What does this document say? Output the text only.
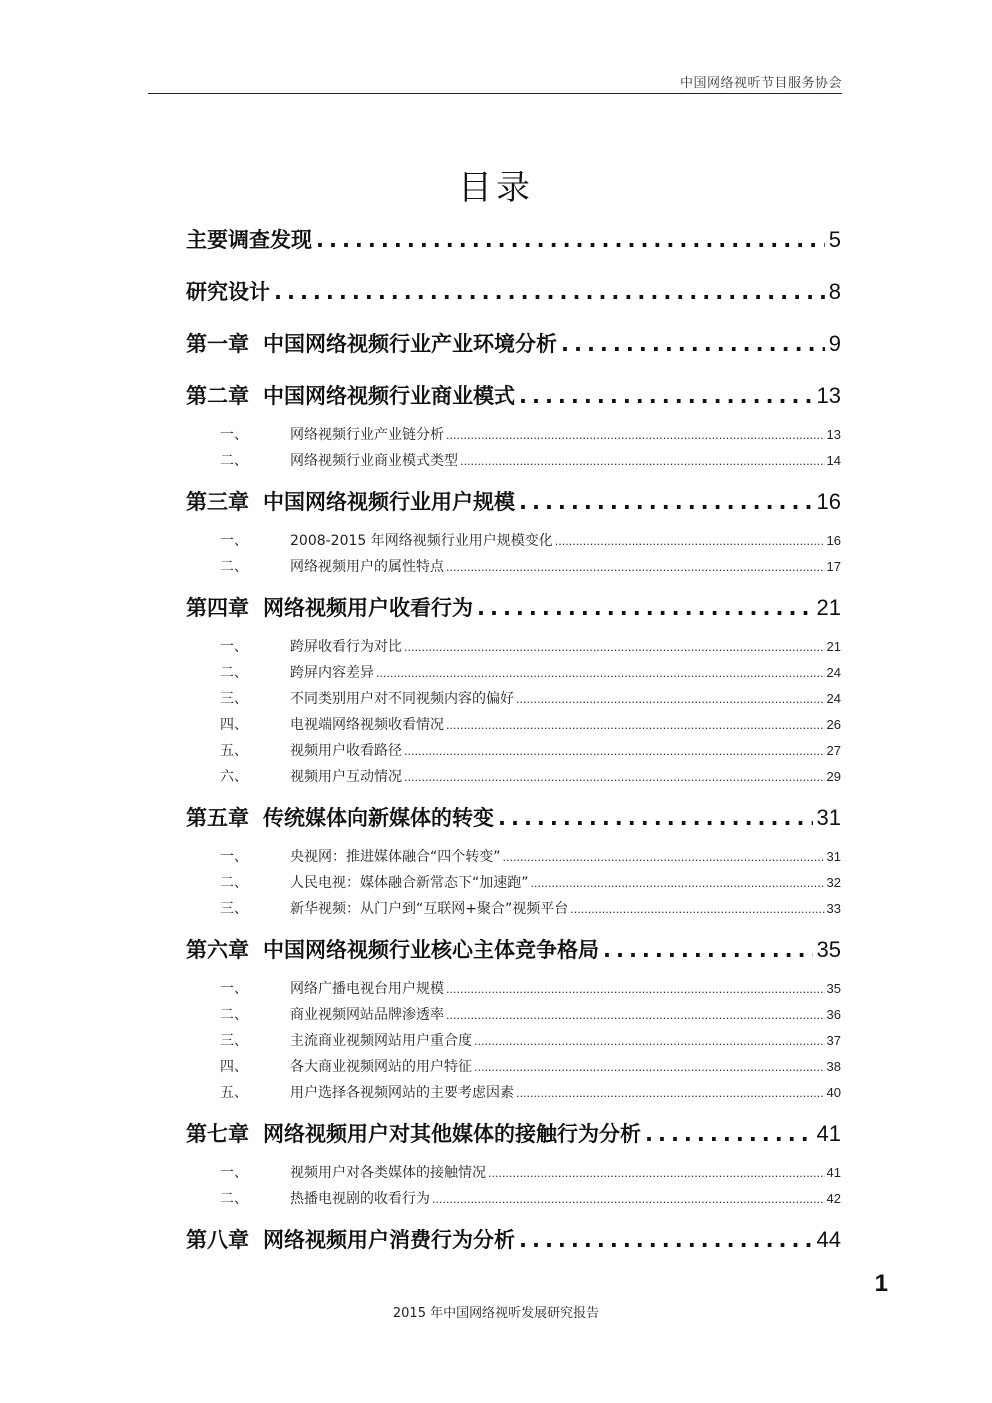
中国网络视听节目服务协会
目录
主要调查发现 .....	5
研究设计 .....	8
第一章 中国网络视频行业产业环境分析 .....	9
第二章 中国网络视频行业商业模式 .....	13
一、	网络视频行业产业链分析 .....	13
二、	网络视频行业商业模式类型 .....	14
第三章 中国网络视频行业用户规模 .....	16
一、	2008-2015 年网络视频行业用户规模变化 .....	16
二、	网络视频用户的属性特点 .....	17
第四章 网络视频用户收看行为 .....	21
一、	跨屏收看行为对比 .....	21
二、	跨屏内容差异 .....	24
三、	不同类别用户对不同视频内容的偏好 .....	24
四、	电视端网络视频收看情况 .....	26
五、	视频用户收看路径 .....	27
六、	视频用户互动情况 .....	29
第五章 传统媒体向新媒体的转变 .....	31
一、	央视网：推进媒体融合“四个转变” .....	31
二、	人民电视：媒体融合新常态下“加速跑” .....	32
三、	新华视频：从门户到“互联网+聚合”视频平台 .....	33
第六章 中国网络视频行业核心主体竞争格局 .....	35
一、	网络广播电视台用户规模 .....	35
二、	商业视频网站品牌渗透率 .....	36
三、	主流商业视频网站用户重合度 .....	37
四、	各大商业视频网站的用户特征 .....	38
五、	用户选择各视频网站的主要考虑因素 .....	40
第七章 网络视频用户对其他媒体的接触行为分析 .....	41
一、	视频用户对各类媒体的接触情况 .....	41
二、	热播电视剧的收看行为 .....	42
第八章 网络视频用户消费行为分析 .....	44
1
2015 年中国网络视听发展研究报告
